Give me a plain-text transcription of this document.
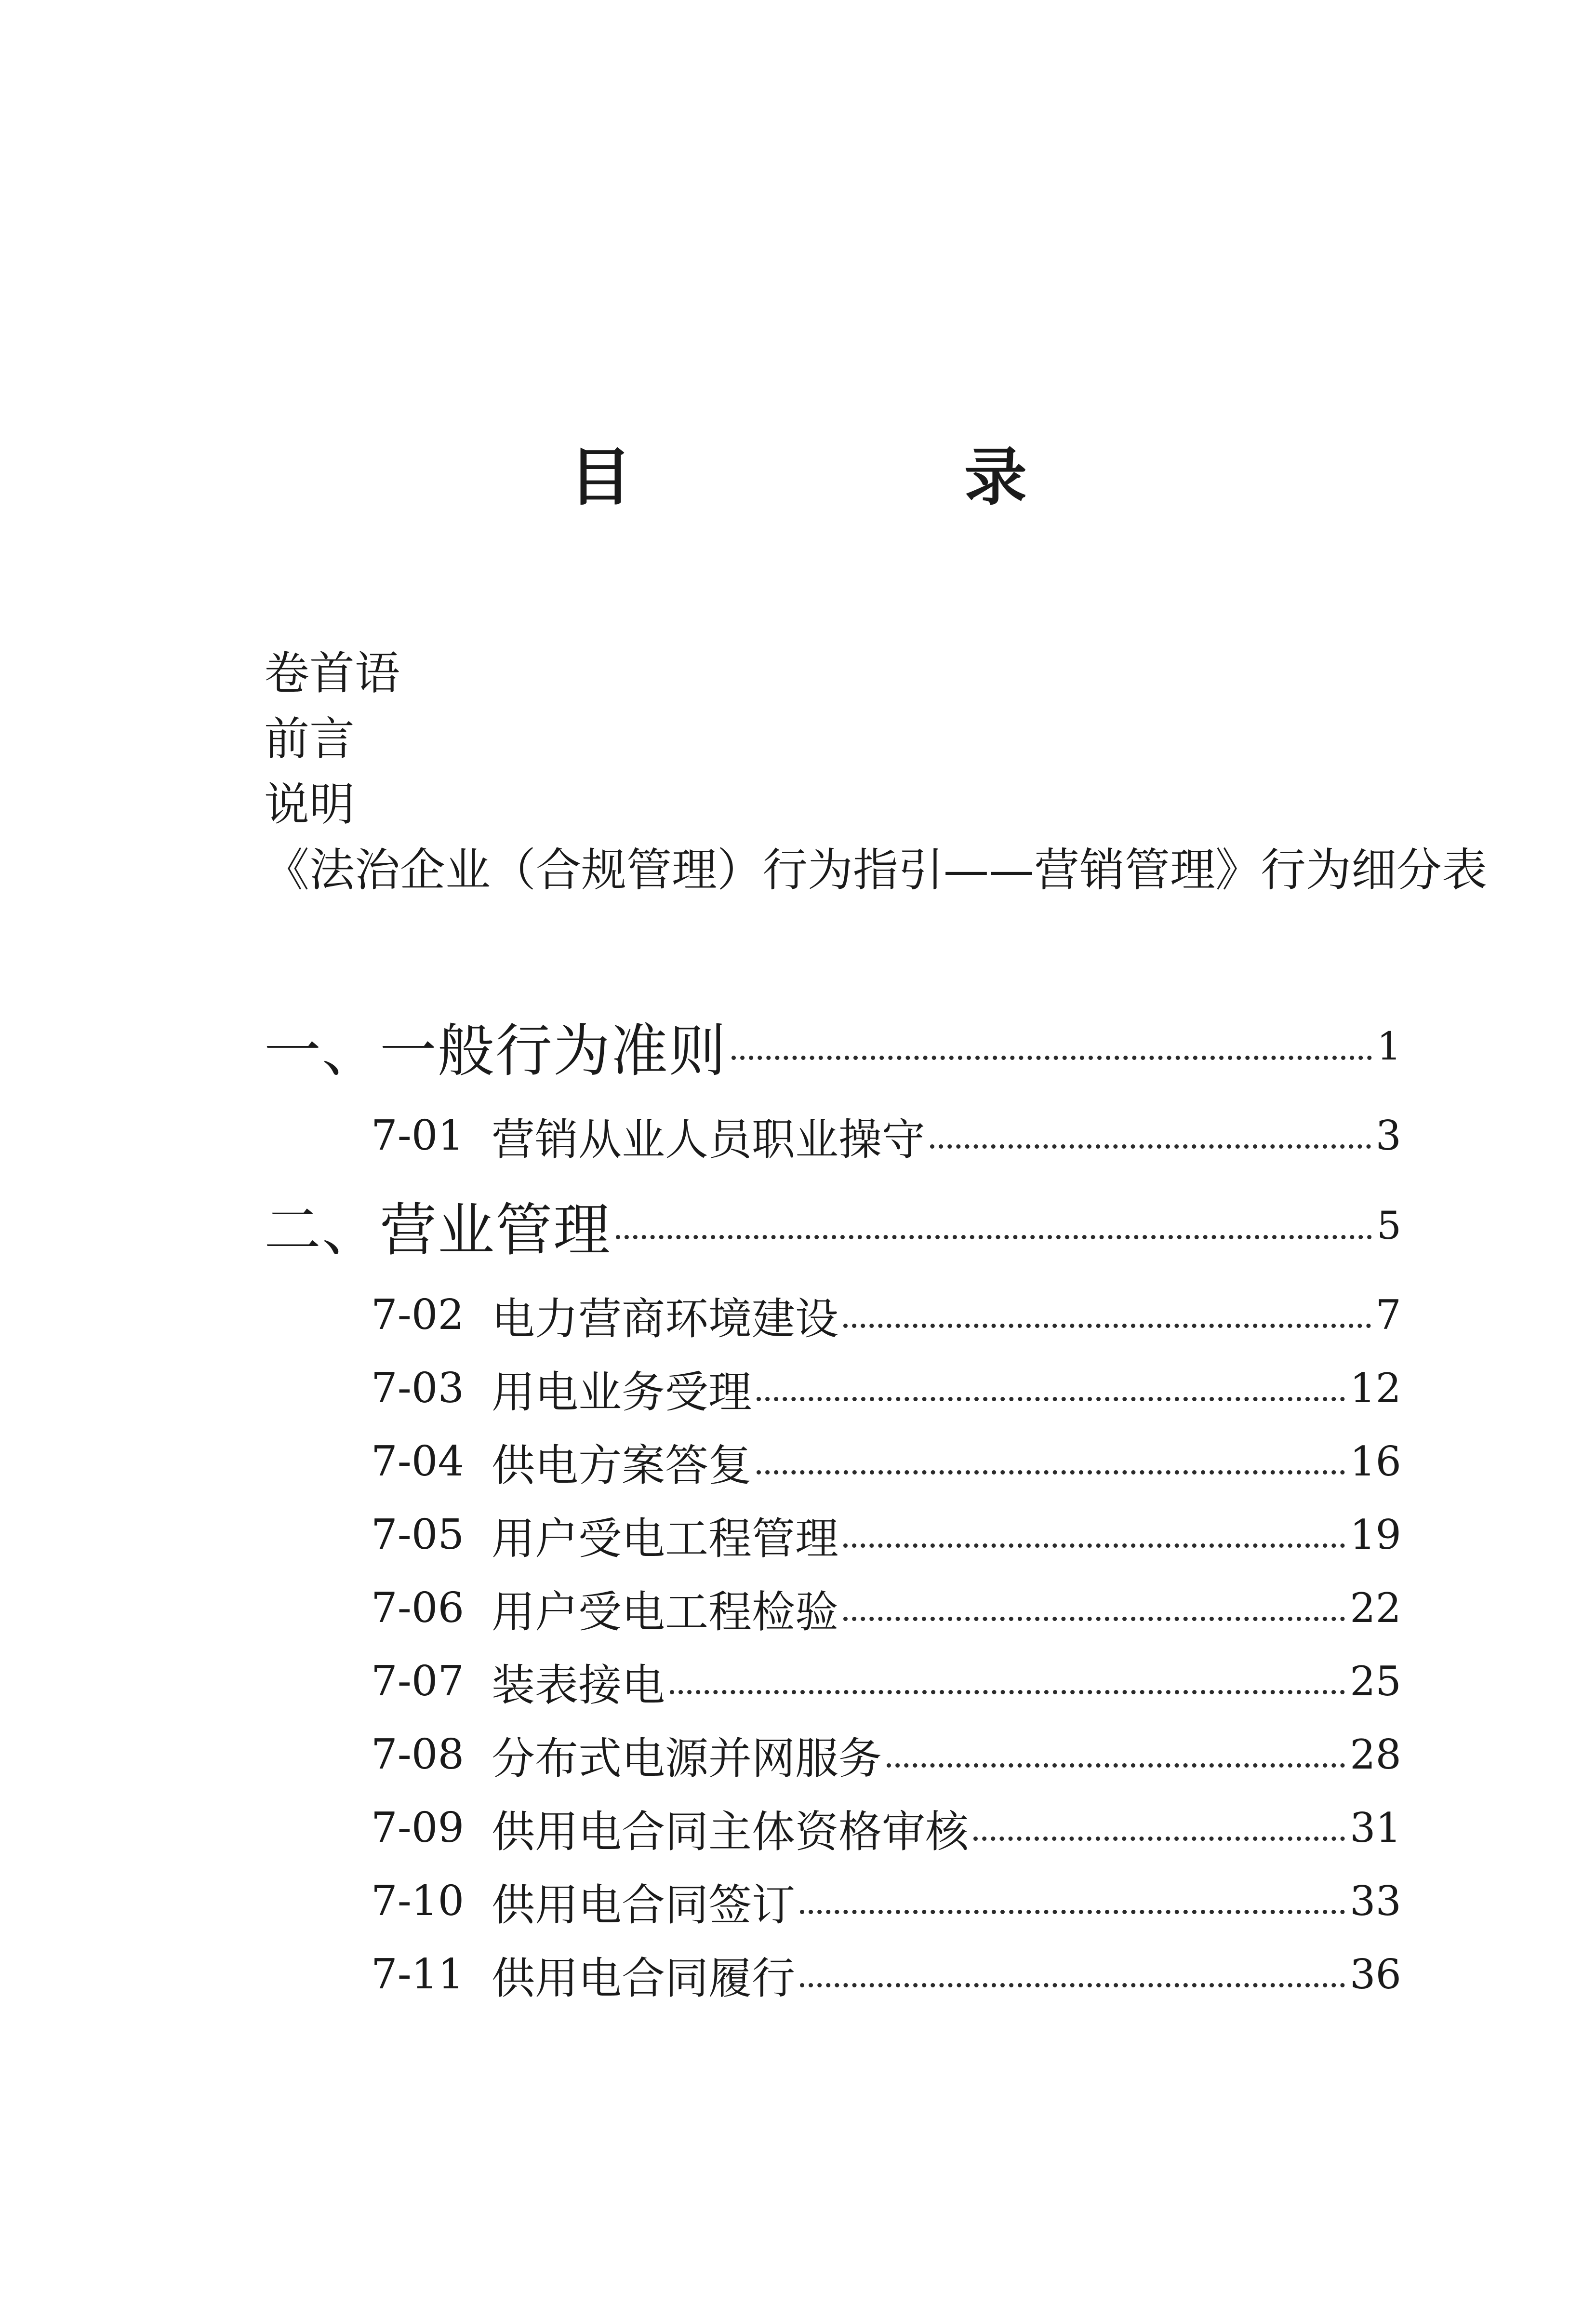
目　录
卷首语
前言
说明
《法治企业（合规管理）行为指引——营销管理》行为细分表
一、一般行为准则	1
7-01 营销从业人员职业操守	3
二、营业管理	5
7-02 电力营商环境建设	7
7-03 用电业务受理	12
7-04 供电方案答复	16
7-05 用户受电工程管理	19
7-06 用户受电工程检验	22
7-07 装表接电	25
7-08 分布式电源并网服务	28
7-09 供用电合同主体资格审核	31
7-10 供用电合同签订	33
7-11 供用电合同履行	36
